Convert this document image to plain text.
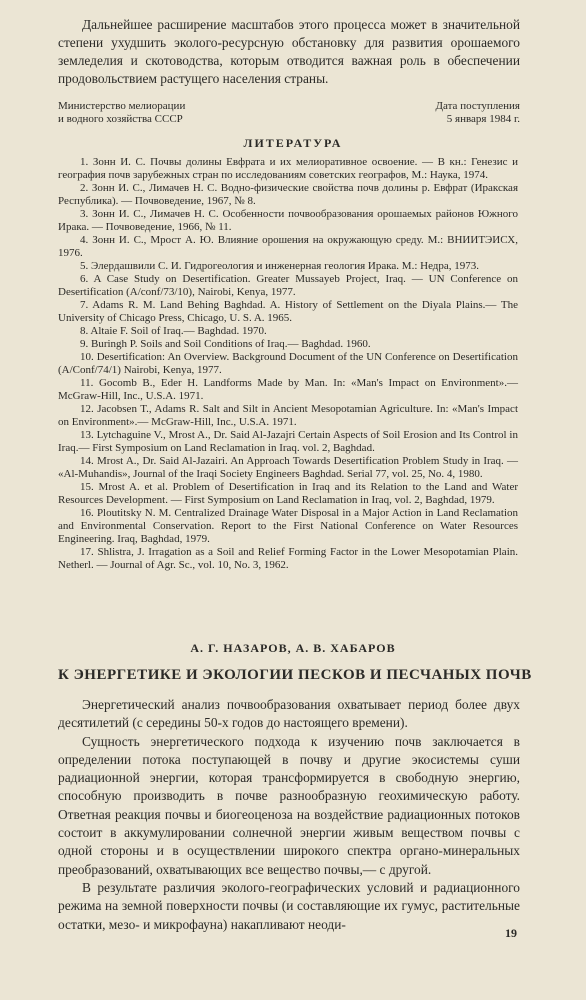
Дальнейшее расширение масштабов этого процесса может в значительной степени ухудшить эколого-ресурсную обстановку для развития орошаемого земледелия и скотоводства, которым отводится важная роль в обеспечении продовольствием растущего населения страны.

Министерство мелиорации
и водного хозяйства СССР
Дата поступления
5 января 1984 г.
ЛИТЕРАТУРА

1. Зонн И. С. Почвы долины Евфрата и их мелиоративное освоение. — В кн.: Генезис и география почв зарубежных стран по исследованиям советских географов, М.: Наука, 1974.

2. Зонн И. С., Лимачев Н. С. Водно-физические свойства почв долины р. Евфрат (Иракская Республика). — Почвоведение, 1967, № 8.

3. Зонн И. С., Лимачев Н. С. Особенности почвообразования орошаемых районов Южного Ирака. — Почвоведение, 1966, № 11.

4. Зонн И. С., Мрост А. Ю. Влияние орошения на окружающую среду. М.: ВНИИТЭИСХ, 1976.

5. Элердашвили С. И. Гидрогеология и инженерная геология Ирака. М.: Недра, 1973.

6. A Case Study on Desertification. Greater Mussayeb Project, Iraq. — UN Conference on Desertification (A/conf/73/10), Nairobi, Kenya, 1977.

7. Adams R. M. Land Behing Baghdad. A. History of Settlement on the Diyala Plains.— The University of Chicago Press, Chicago, U. S. A. 1965.

8. Altaie F. Soil of Iraq.— Baghdad. 1970.

9. Buringh P. Soils and Soil Conditions of Iraq.— Baghdad. 1960.

10. Desertification: An Overview. Background Document of the UN Conference on Desertification (A/Conf/74/1) Nairobi, Kenya, 1977.

11. Gocomb B., Eder H. Landforms Made by Man. In: «Man's Impact on Environment».— McGraw-Hill, Inc., U.S.A. 1971.

12. Jacobsen T., Adams R. Salt and Silt in Ancient Mesopotamian Agriculture. In: «Man's Impact on Environment».— McGraw-Hill, Inc., U.S.A. 1971.

13. Lytchaguine V., Mrost A., Dr. Said Al-Jazajri Certain Aspects of Soil Erosion and Its Control in Iraq.— First Symposium on Land Reclamation in Iraq. vol. 2, Baghdad.

14. Mrost A., Dr. Said Al-Jazairi. An Approach Towards Desertification Problem Study in Iraq. — «Al-Muhandis», Journal of the Iraqi Society Engineers Baghdad. Serial 77, vol. 25, No. 4, 1980.

15. Mrost A. et al. Problem of Desertification in Iraq and its Relation to the Land and Water Resources Development. — First Symposium on Land Reclamation in Iraq, vol. 2, Baghdad, 1979.

16. Ploutitsky N. M. Centralized Drainage Water Disposal in a Major Action in Land Reclamation and Environmental Conservation. Report to the First National Conference on Water Resources Engineering. Iraq, Baghdad, 1979.

17. Shlistra, J. Irragation as a Soil and Relief Forming Factor in the Lower Mesopotamian Plain. Netherl. — Journal of Agr. Sc., vol. 10, No. 3, 1962.

А. Г. НАЗАРОВ, А. В. ХАБАРОВ
К ЭНЕРГЕТИКЕ И ЭКОЛОГИИ ПЕСКОВ И ПЕСЧАНЫХ ПОЧВ

Энергетический анализ почвообразования охватывает период более двух десятилетий (с середины 50-х годов до настоящего времени).

Сущность энергетического подхода к изучению почв заключается в определении потока поступающей в почву и другие экосистемы суши радиационной энергии, которая трансформируется в свободную энергию, способную производить в почве разнообразную геохимическую работу. Ответная реакция почвы и биогеоценоза на воздействие радиационных потоков состоит в аккумулировании солнечной энергии живым веществом почвы с одной стороны и в осуществлении широкого спектра органо-минеральных преобразований, охватывающих все вещество почвы,— с другой.

В результате различия эколого-географических условий и радиационного режима на земной поверхности почвы (и составляющие их гумус, растительные остатки, мезо- и микрофауна) накапливают неоди-

19
